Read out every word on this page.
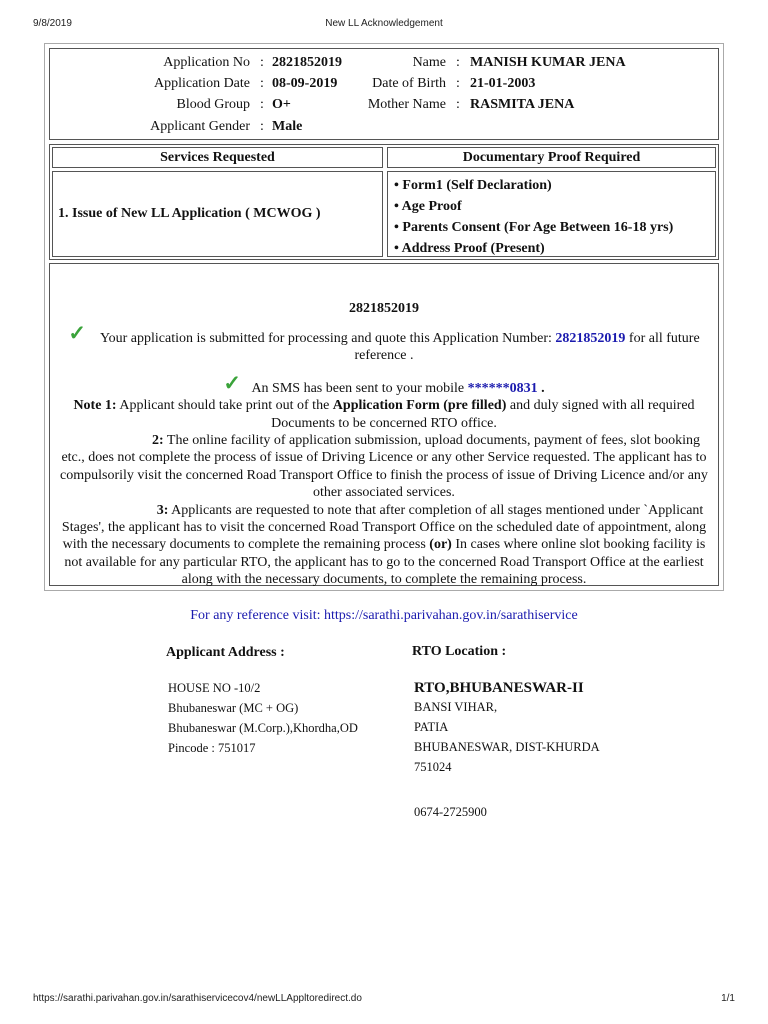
9/8/2019	New LL Acknowledgement
Application No : 2821852019	Name : MANISH KUMAR JENA
Application Date : 08-09-2019	Date of Birth : 21-01-2003
Blood Group : O+	Mother Name : RASMITA JENA
Applicant Gender : Male
Services Requested	Documentary Proof Required
1. Issue of New LL Application ( MCWOG )
• Form1 (Self Declaration)
• Age Proof
• Parents Consent (For Age Between 16-18 yrs)
• Address Proof (Present)
2821852019

✓ Your application is submitted for processing and quote this Application Number: 2821852019 for all future reference .

✓ An SMS has been sent to your mobile ******0831 .

Note 1: Applicant should take print out of the Application Form (pre filled) and duly signed with all required Documents to be concerned RTO office.

2: The online facility of application submission, upload documents, payment of fees, slot booking etc., does not complete the process of issue of Driving Licence or any other Service requested. The applicant has to compulsorily visit the concerned Road Transport Office to finish the process of issue of Driving Licence and/or any other associated services.

3: Applicants are requested to note that after completion of all stages mentioned under `Applicant Stages', the applicant has to visit the concerned Road Transport Office on the scheduled date of appointment, along with the necessary documents to complete the remaining process (or) In cases where online slot booking facility is not available for any particular RTO, the applicant has to go to the concerned Road Transport Office at the earliest along with the necessary documents, to complete the remaining process.

For any reference visit: https://sarathi.parivahan.gov.in/sarathiservice
Applicant Address :	RTO Location :
HOUSE NO -10/2
Bhubaneswar (MC + OG)
Bhubaneswar (M.Corp.),Khordha,OD
Pincode : 751017
RTO,BHUBANESWAR-II
BANSI VIHAR,
PATIA
BHUBANESWAR, DIST-KHURDA
751024
0674-2725900
https://sarathi.parivahan.gov.in/sarathiservicecov4/newLLAppltoredirect.do	1/1
